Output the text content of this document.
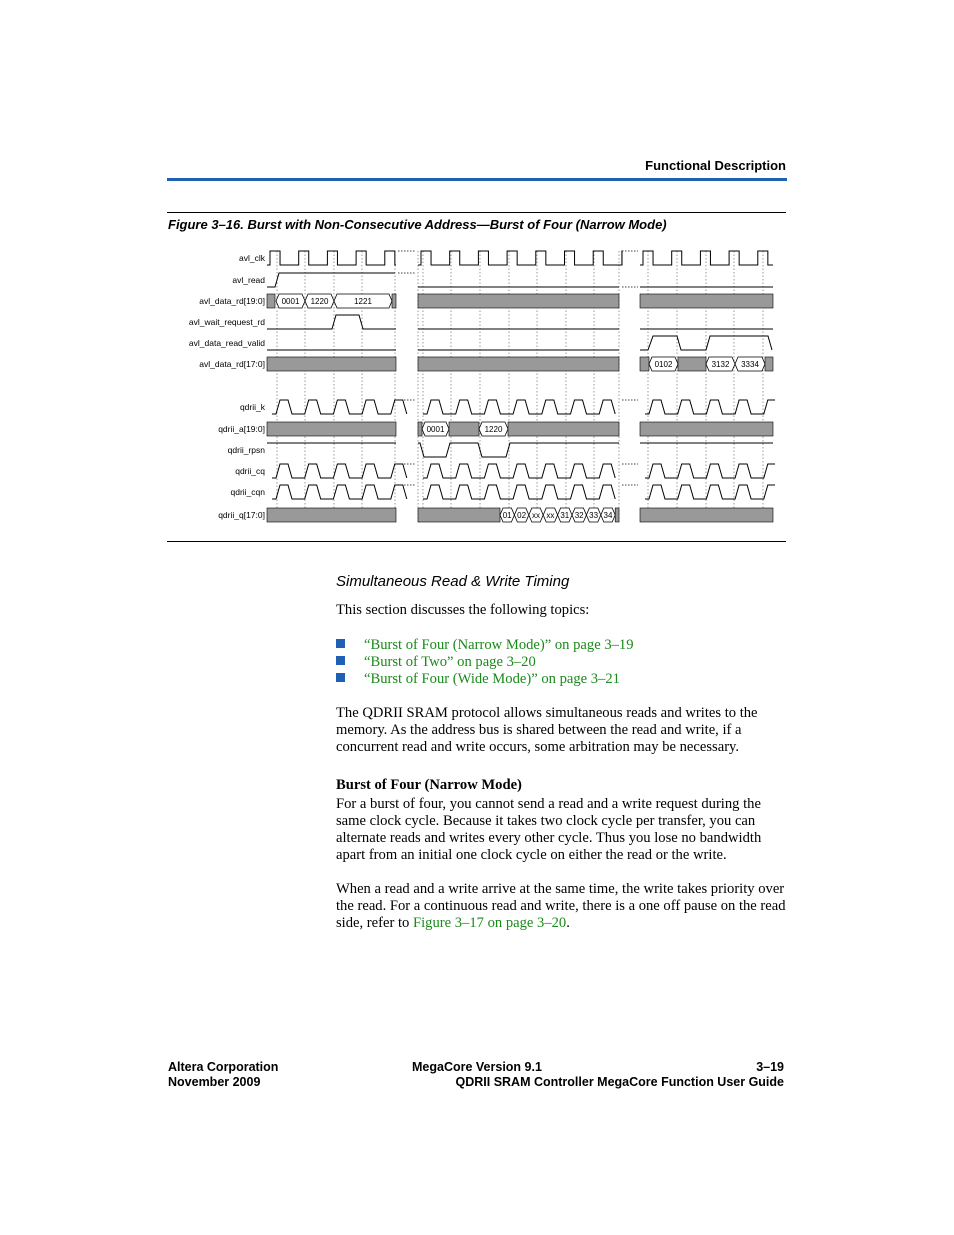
Functional Description
Figure 3–16. Burst with Non-Consecutive Address—Burst of Four (Narrow Mode)
avl_clk
avl_read
avl_data_rd[19:0]
avl_wait_request_rd
avl_data_read_valid
avl_data_rd[17:0]
qdrii_k
qdrii_a[19:0]
qdrii_rpsn
qdrii_cq
qdrii_cqn
qdrii_q[17:0]
0001 1220	1221
0102	3132 3334
0001	1220
01 02 xx xx 31 32 33 34
Simultaneous Read & Write Timing
This section discusses the following topics:
“Burst of Four (Narrow Mode)” on page 3–19
“Burst of Two” on page 3–20
“Burst of Four (Wide Mode)” on page 3–21
The QDRII SRAM protocol allows simultaneous reads and writes to the memory. As the address bus is shared between the read and write, if a concurrent read and write occurs, some arbitration may be necessary.
Burst of Four (Narrow Mode)
For a burst of four, you cannot send a read and a write request during the same clock cycle. Because it takes two clock cycle per transfer, you can alternate reads and writes every other cycle. Thus you lose no bandwidth apart from an initial one clock cycle on either the read or the write.
When a read and a write arrive at the same time, the write takes priority over the read. For a continuous read and write, there is a one off pause on the read side, refer to Figure 3–17 on page 3–20.
Altera Corporation
November 2009
MegaCore Version 9.1	3–19
QDRII SRAM Controller MegaCore Function User Guide
